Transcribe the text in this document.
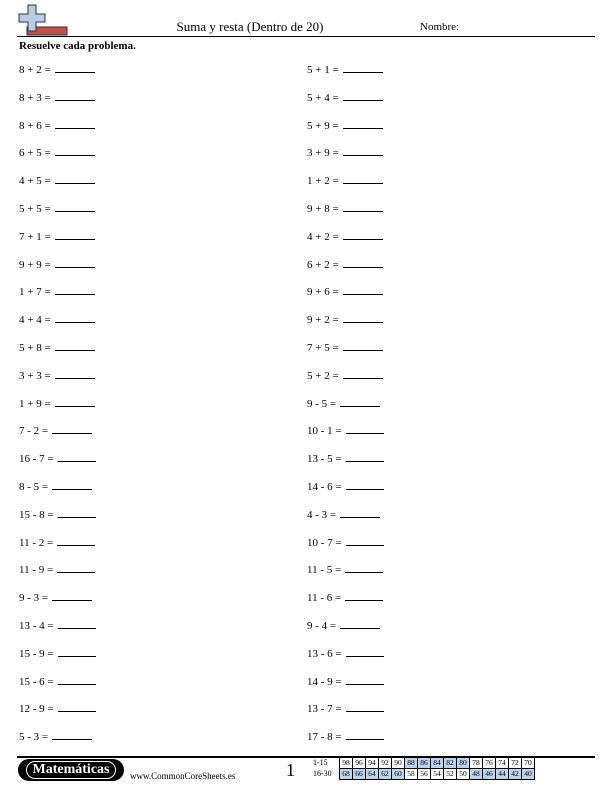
Suma y resta (Dentro de 20)	Nombre:
Resuelve cada problema.
8 + 2 =
8 + 3 =
8 + 6 =
6 + 5 =
4 + 5 =
5 + 5 =
7 + 1 =
9 + 9 =
1 + 7 =
4 + 4 =
5 + 8 =
3 + 3 =
1 + 9 =
7 - 2 =
16 - 7 =
8 - 5 =
15 - 8 =
11 - 2 =
11 - 9 =
9 - 3 =
13 - 4 =
15 - 9 =
15 - 6 =
12 - 9 =
5 - 3 =
5 + 1 =
5 + 4 =
5 + 9 =
3 + 9 =
1 + 2 =
9 + 8 =
4 + 2 =
6 + 2 =
9 + 6 =
9 + 2 =
7 + 5 =
5 + 2 =
9 - 5 =
10 - 1 =
13 - 5 =
14 - 6 =
4 - 3 =
10 - 7 =
11 - 5 =
11 - 6 =
9 - 4 =
13 - 6 =
14 - 9 =
13 - 7 =
17 - 8 =
Matemáticas	www.CommonCoreSheets.es	1 1-15
16-30
98	96	94	92	90	88	86	84	82	80	78	76	74	72	70
68	66	64	62	60	58	56	54	52	50	48	46	44	42	40
